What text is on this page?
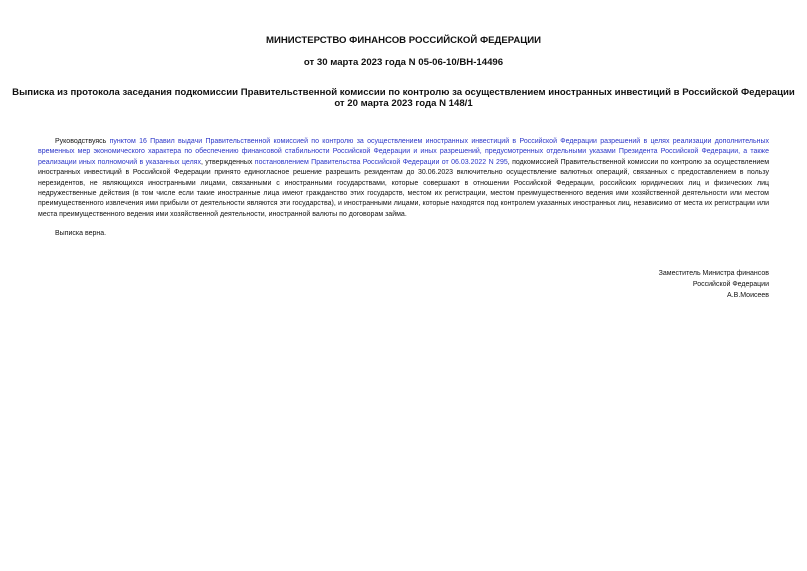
МИНИСТЕРСТВО ФИНАНСОВ РОССИЙСКОЙ ФЕДЕРАЦИИ

от 30 марта 2023 года N 05-06-10/ВН-14496

Выписка из протокола заседания подкомиссии Правительственной комиссии по контролю за осуществлением иностранных инвестиций в Российской Федерации

от 20 марта 2023 года N 148/1

Руководствуясь пунктом 16 Правил выдачи Правительственной комиссией по контролю за осуществлением иностранных инвестиций в Российской Федерации разрешений в целях реализации дополнительных временных мер экономического характера по обеспечению финансовой стабильности Российской Федерации и иных разрешений, предусмотренных отдельными указами Президента Российской Федерации, а также реализации иных полномочий в указанных целях, утвержденных постановлением Правительства Российской Федерации от 06.03.2022 N 295, подкомиссией Правительственной комиссии по контролю за осуществлением иностранных инвестиций в Российской Федерации принято единогласное решение разрешить резидентам до 30.06.2023 включительно осуществление валютных операций, связанных с предоставлением в пользу нерезидентов, не являющихся иностранными лицами, связанными с иностранными государствами, которые совершают в отношении Российской Федерации, российских юридических лиц и физических лиц недружественные действия (в том числе если такие иностранные лица имеют гражданство этих государств, местом их регистрации, местом преимущественного ведения ими хозяйственной деятельности или местом преимущественного извлечения ими прибыли от деятельности являются эти государства), и иностранными лицами, которые находятся под контролем указанных иностранных лиц, независимо от места их регистрации или места преимущественного ведения ими хозяйственной деятельности, иностранной валюты по договорам займа.

Выписка верна.

Заместитель Министра финансов
Российской Федерации
А.В.Моисеев
